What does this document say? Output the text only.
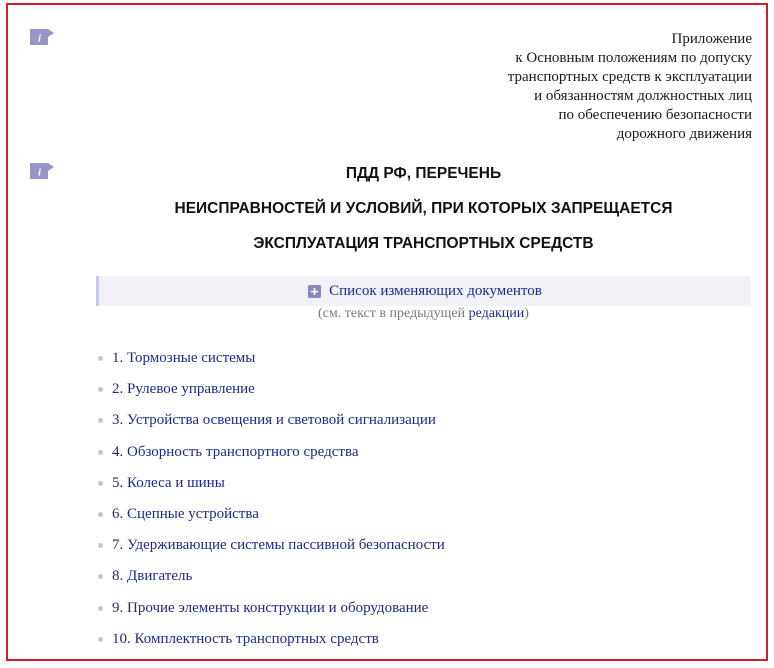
i	Приложение
к Основным положениям по допуску
транспортных средств к эксплуатации
и обязанностям должностных лиц
по обеспечению безопасности
дорожного движения
i	ПДД РФ, ПЕРЕЧЕНЬ
НЕИСПРАВНОСТЕЙ И УСЛОВИЙ, ПРИ КОТОРЫХ ЗАПРЕЩАЕТСЯ
ЭКСПЛУАТАЦИЯ ТРАНСПОРТНЫХ СРЕДСТВ
Список изменяющих документов
(см. текст в предыдущей редакции)
1. Тормозные системы
2. Рулевое управление
3. Устройства освещения и световой сигнализации
4. Обзорность транспортного средства
5. Колеса и шины
6. Сцепные устройства
7. Удерживающие системы пассивной безопасности
8. Двигатель
9. Прочие элементы конструкции и оборудование
10. Комплектность транспортных средств
